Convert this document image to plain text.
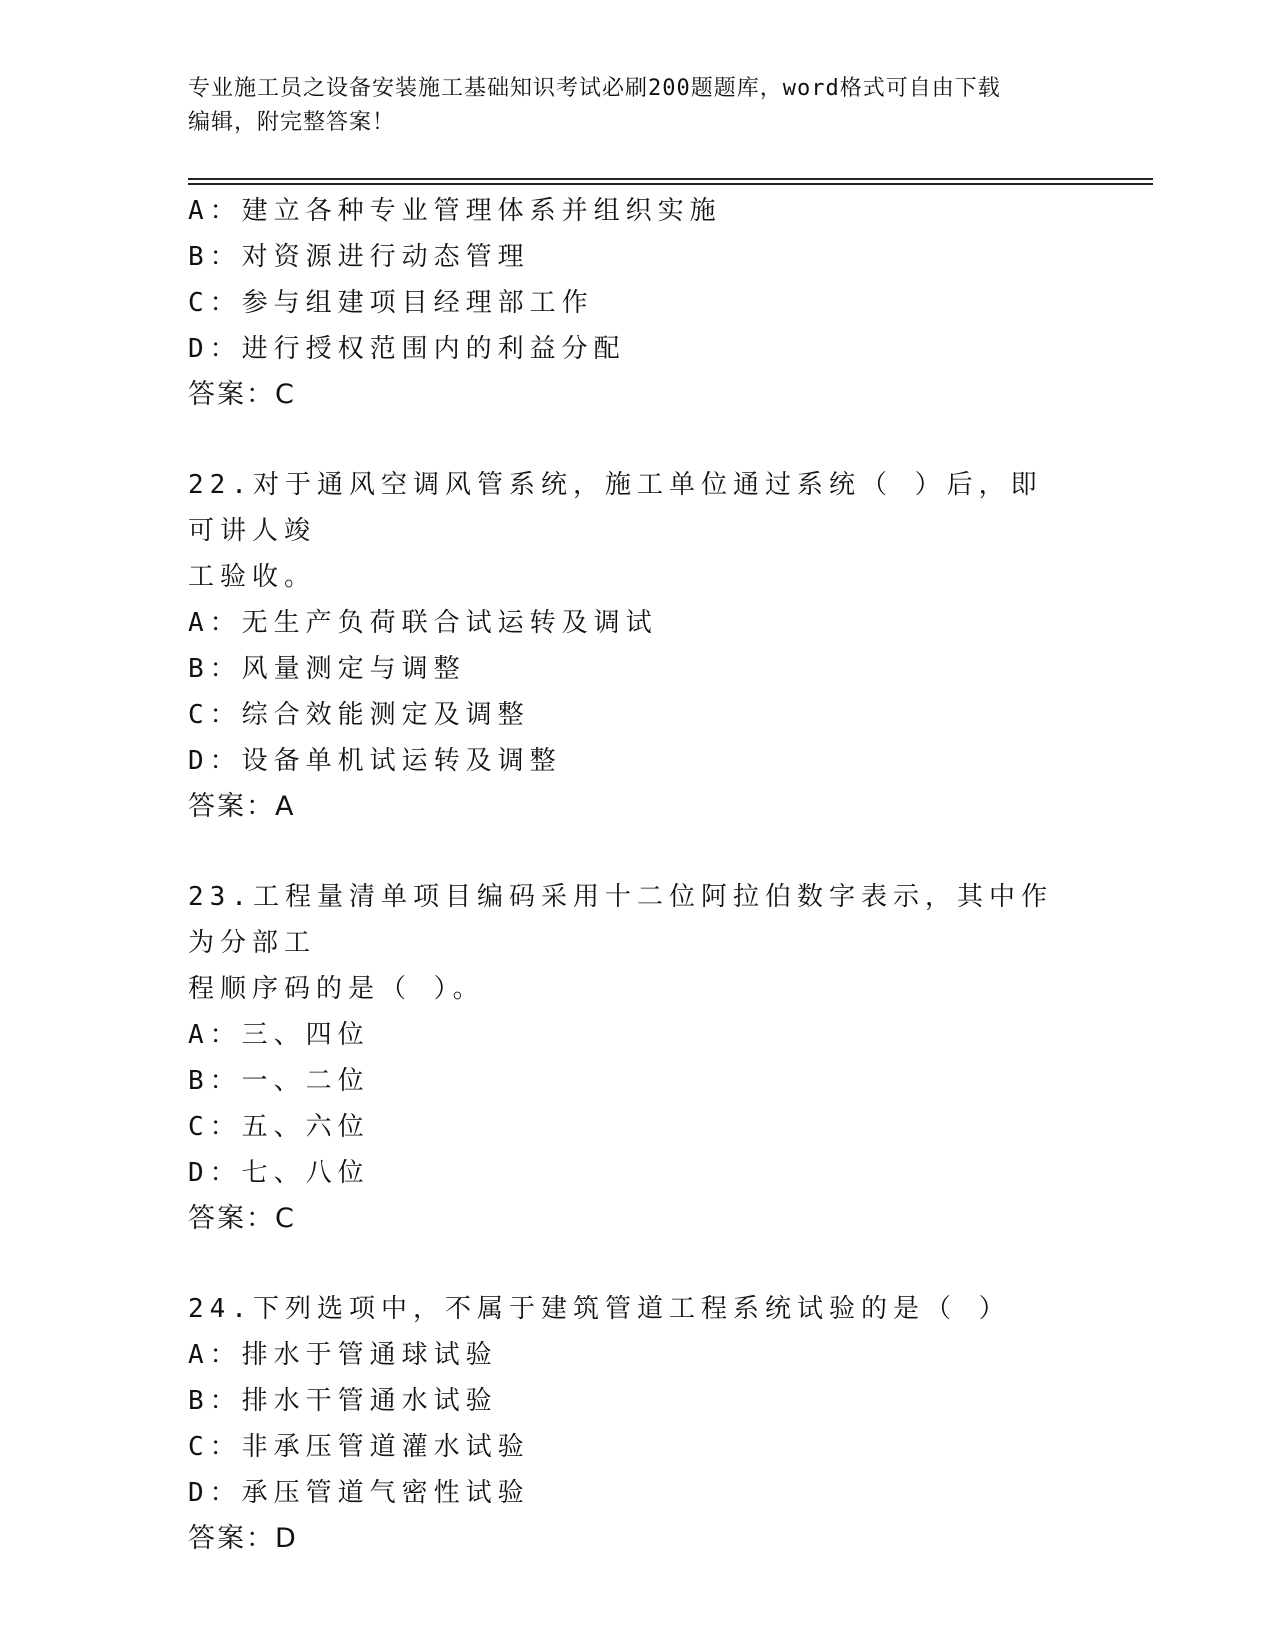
专业施工员之设备安装施工基础知识考试必刷200题题库，word格式可自由下载
编辑，附完整答案！
A：建立各种专业管理体系并组织实施
B：对资源进行动态管理
C：参与组建项目经理部工作
D：进行授权范围内的利益分配
答案：C
22.对于通风空调风管系统，施工单位通过系统（ ）后，即可讲人竣
工验收。
A：无生产负荷联合试运转及调试
B：风量测定与调整
C：综合效能测定及调整
D：设备单机试运转及调整
答案：A
23.工程量清单项目编码采用十二位阿拉伯数字表示，其中作为分部工
程顺序码的是（ ）。
A：三、四位
B：一、二位
C：五、六位
D：七、八位
答案：C
24.下列选项中，不属于建筑管道工程系统试验的是（ ）
A：排水于管通球试验
B：排水干管通水试验
C：非承压管道灌水试验
D：承压管道气密性试验
答案：D
